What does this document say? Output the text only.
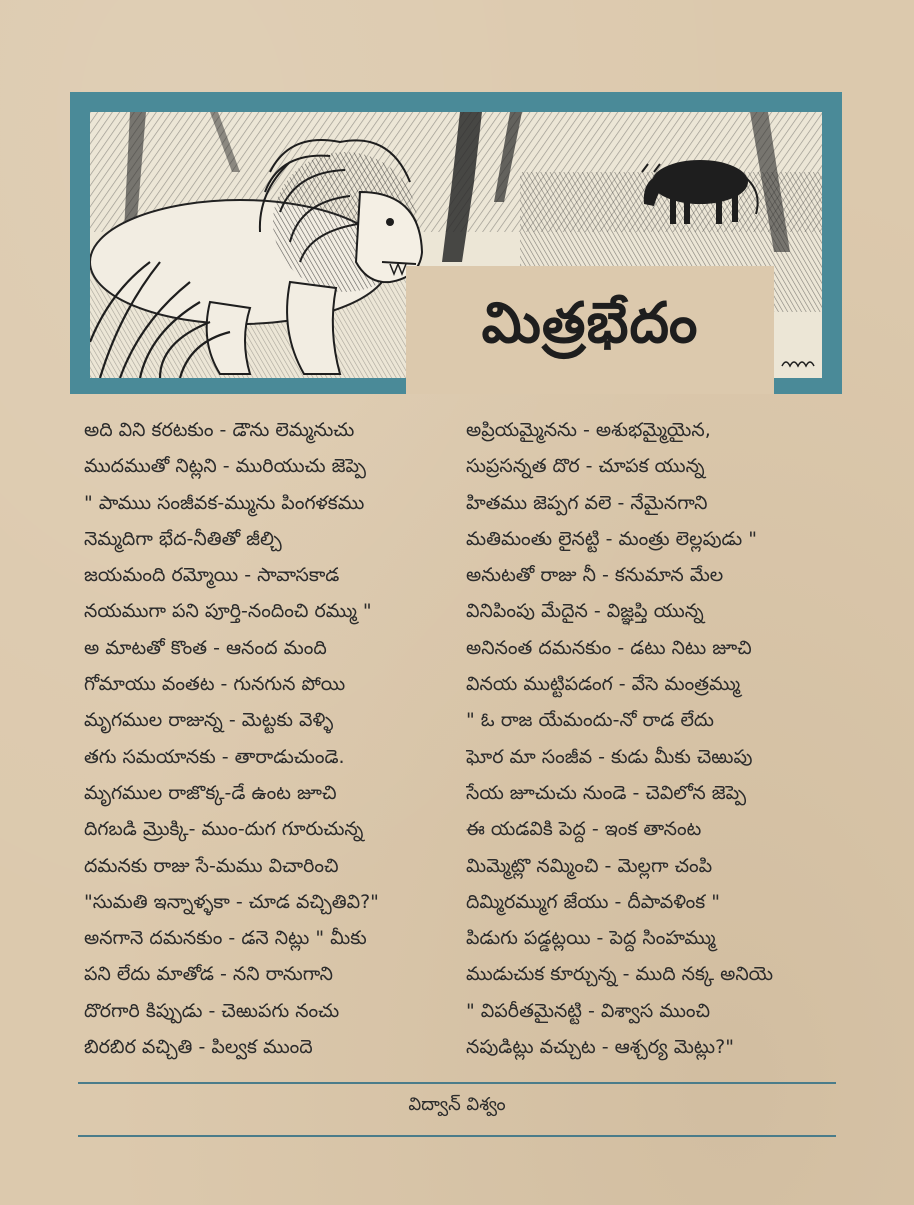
మిత్రభేదం
అది విని కరటకుం - డౌను లెమ్మనుచు
ముదముతో నిట్లని - మురియుచు జెప్పె
" పాముు సంజీవక-మ్మును పింగళకము
నెమ్మదిగా భేద-నీతితో జీల్చి
జయమంది రమ్మోయి - సావాసకాడ
నయముగా పని పూర్తి-నందించి రమ్ము "
అ మాటతో కొంత - ఆనంద మంది
గోమాయు వంతట - గునగున పోయి
మృగముల రాజున్న - మెట్టకు వెళ్ళి
తగు సమయానకు - తారాడుచుండె.
మృగముల రాజొక్క-డే ఉంట జూచి
దిగబడి మ్రొక్కి- ముం-దుగ గూరుచున్న
దమనకు రాజు సే-మము విచారించి
"సుమతి ఇన్నాళ్ళకా - చూడ వచ్చితివి?"
అనగానె దమనకుం - డనె నిట్లు " మీకు
పని లేదు మాతోడ - నని రానుగాని
దొరగారి కిప్పుడు - చెఱుపగు నంచు
బిరబిర వచ్చితి - పిల్వక ముందె
అప్రియమ్మైనను - అశుభమ్మైయైన,
సుప్రసన్నత దొర - చూపక యున్న
హితము జెప్పగ వలె - నేమైనగాని
మతిమంతు లైనట్టి - మంత్రు లెల్లపుడు "
అనుటతో రాజు నీ - కనుమాన మేల
వినిపింపు మేదైన - విజ్ఞప్తి యున్న
అనినంత దమనకుం - డటు నిటు జూచి
వినయ ముట్టిపడంగ - వేసె మంత్రమ్ము
" ఓ రాజ యేమందు-నో రాడ లేదు
ఘోర మా సంజీవ - కుడు మీకు చెఱుపు
సేయ జూచుచు నుండె - చెవిలోన జెప్పె
ఈ యడవికి పెద్ద - ఇంక తానంట
మిమ్మెట్లొ నమ్మించి - మెల్లగా చంపి
దిమ్మిరమ్ముగ జేయు - దీపావళింక "
పిడుగు పడ్డట్లయి - పెద్ద సింహమ్ము
ముడుచుక కూర్చున్న - ముది నక్క అనియె
" విపరీతమైనట్టి - విశ్వాస ముంచి
నపుడిట్లు వచ్చుట - ఆశ్చర్య మెట్లు?"
విద్వాన్ విశ్వం
